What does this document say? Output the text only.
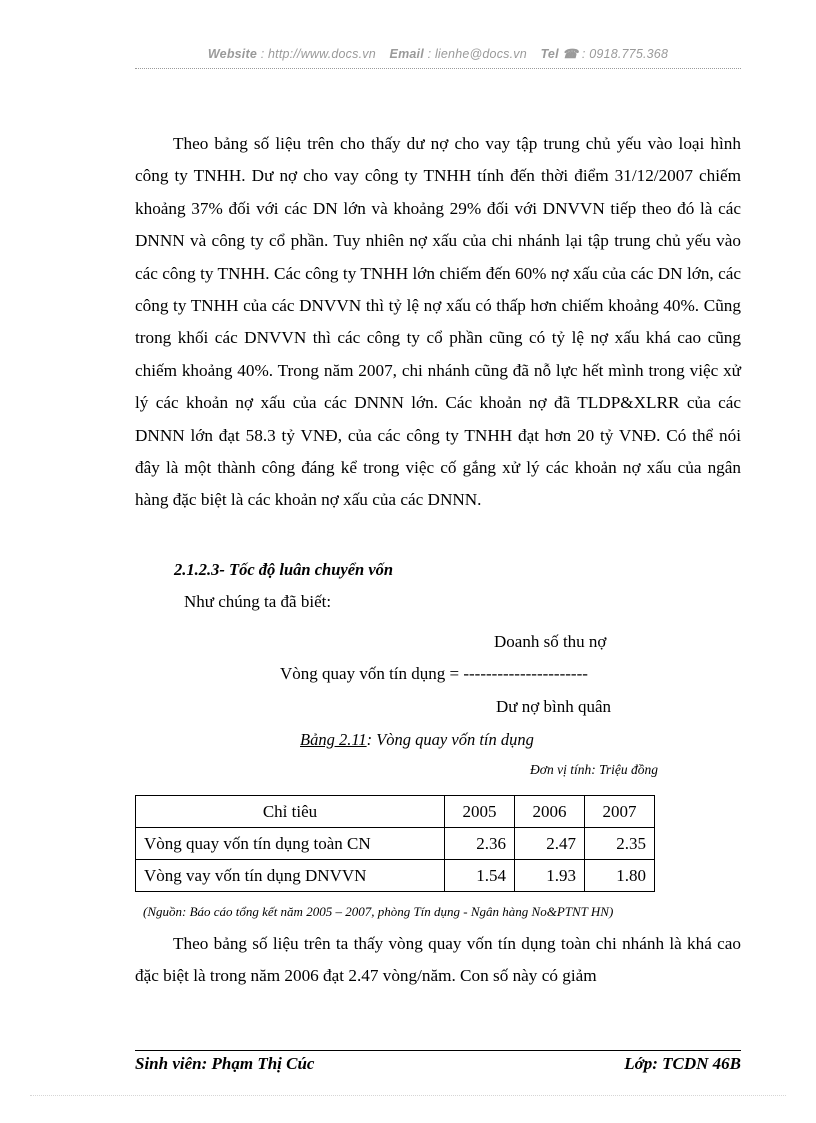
Website : http://www.docs.vn Email : lienhe@docs.vn Tel ☎ : 0918.775.368

Theo bảng số liệu trên cho thấy dư nợ cho vay tập trung chủ yếu vào loại hình công ty TNHH. Dư nợ cho vay công ty TNHH tính đến thời điểm 31/12/2007 chiếm khoảng 37% đối với các DN lớn và khoảng 29% đối với DNVVN tiếp theo đó là các DNNN và công ty cổ phần. Tuy nhiên nợ xấu của chi nhánh lại tập trung chủ yếu vào các công ty TNHH. Các công ty TNHH lớn chiếm đến 60% nợ xấu của các DN lớn, các công ty TNHH của các DNVVN thì tỷ lệ nợ xấu có thấp hơn chiếm khoảng 40%. Cũng trong khối các DNVVN thì các công ty cổ phần cũng có tỷ lệ nợ xấu khá cao cũng chiếm khoảng 40%. Trong năm 2007, chi nhánh cũng đã nỗ lực hết mình trong việc xử lý các khoản nợ xấu của các DNNN lớn. Các khoản nợ đã TLDP&XLRR của các DNNN lớn đạt 58.3 tỷ VNĐ, của các công ty TNHH đạt hơn 20 tỷ VNĐ. Có thể nói đây là một thành công đáng kể trong việc cố gắng xử lý các khoản nợ xấu của ngân hàng đặc biệt là các khoản nợ xấu của các DNNN.

2.1.2.3- Tốc độ luân chuyển vốn
Như chúng ta đã biết:
Doanh số thu nợ
Vòng quay vốn tín dụng = ----------------------
Dư nợ bình quân
Bảng 2.11: Vòng quay vốn tín dụng
Đơn vị tính: Triệu đồng
Chỉ tiêu	2005	2006	2007
Vòng quay vốn tín dụng toàn CN	2.36	2.47	2.35
Vòng vay vốn tín dụng DNVVN	1.54	1.93	1.80
(Nguồn: Báo cáo tổng kết năm 2005 – 2007, phòng Tín dụng - Ngân hàng No&PTNT HN)

Theo bảng số liệu trên ta thấy vòng quay vốn tín dụng toàn chi nhánh là khá cao đặc biệt là trong năm 2006 đạt 2.47 vòng/năm. Con số này có giảm

Sinh viên: Phạm Thị Cúc	Lớp: TCDN 46B
